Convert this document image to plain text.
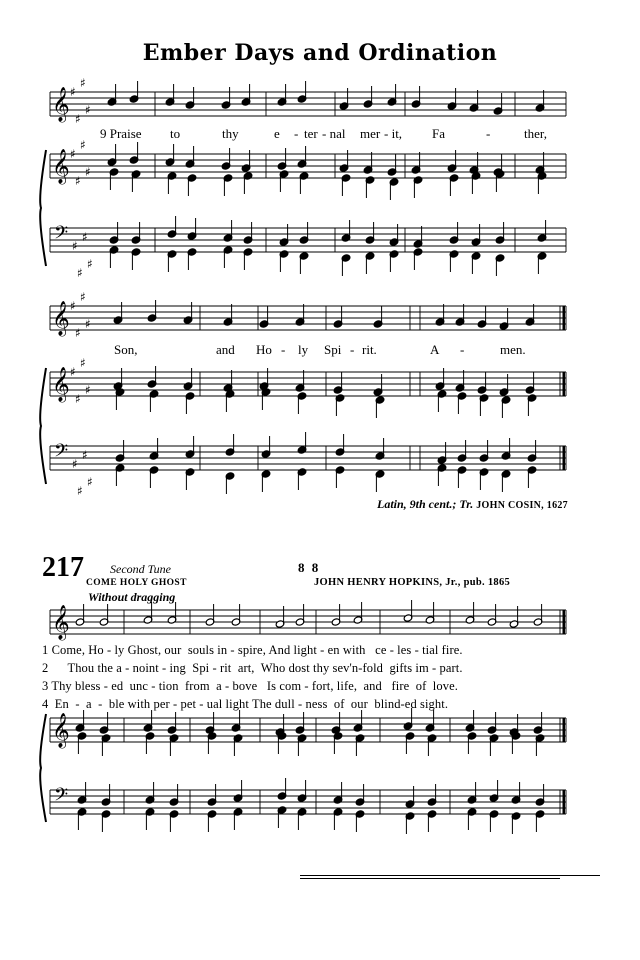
Ember Days and Ordination
𝄞 ♯
♯
♯
♯
𝄞 ♯
♯
♯
♯
𝄢 ♯
♯
♯
♯
𝄞 ♯
♯
♯
♯
𝄞 ♯
♯
♯
♯
𝄢 ♯
♯
♯
♯
𝄞
𝄞
𝄢
9 Praise to	thy	e - ter - nal mer - it, Fa	-	ther,
Son,	and Ho - ly Spi - rit.	A -	men.
Latin, 9th cent.; Tr. JOHN COSIN, 1627
217 Second Tune	8 8
COME HOLY GHOST	JOHN HENRY HOPKINS, Jr., pub. 1865
Without dragging
1 Come, Ho - ly Ghost, our  souls in - spire, And light - en with   ce - les - tial fire.
2      Thou the a - noint - ing  Spi - rit  art,  Who dost thy sev'n-fold  gifts im - part.
3 Thy bless - ed  unc - tion  from  a - bove   Is com - fort, life,  and   fire  of  love.
4  En  -  a  -  ble with per - pet - ual light The dull - ness  of  our  blind-ed sight.
